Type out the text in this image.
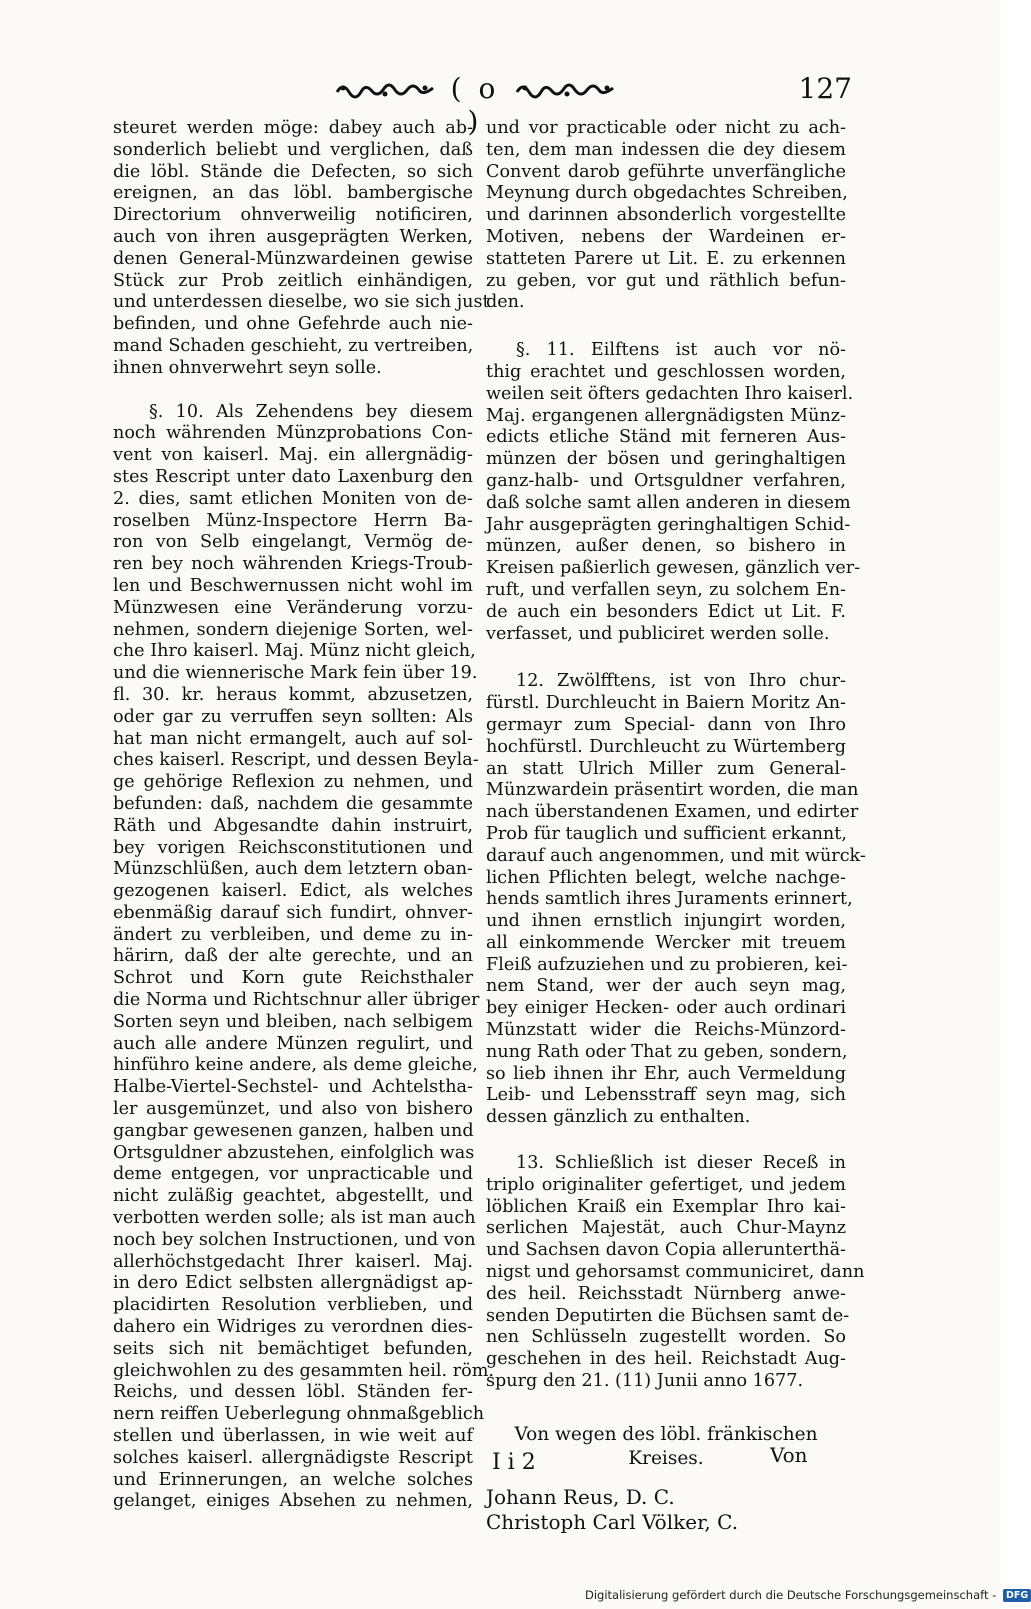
( o )
127
steuret werden möge: dabey auch ab-
sonderlich beliebt und verglichen, daß
die löbl. Stände die Defecten, so sich
ereignen, an das löbl. bambergische
Directorium ohnverweilig notificiren,
auch von ihren ausgeprägten Werken,
denen General-Münzwardeinen gewise
Stück zur Prob zeitlich einhändigen,
und unterdessen dieselbe, wo sie sich just
befinden, und ohne Gefehrde auch nie-
mand Schaden geschieht, zu vertreiben,
ihnen ohnverwehrt seyn solle.
§. 10. Als Zehendens bey diesem
noch währenden Münzprobations Con-
vent von kaiserl. Maj. ein allergnädig-
stes Rescript unter dato Laxenburg den
2. dies, samt etlichen Moniten von de-
roselben Münz-Inspectore Herrn Ba-
ron von Selb eingelangt, Vermög de-
ren bey noch währenden Kriegs-Troub-
len und Beschwernussen nicht wohl im
Münzwesen eine Veränderung vorzu-
nehmen, sondern diejenige Sorten, wel-
che Ihro kaiserl. Maj. Münz nicht gleich,
und die wiennerische Mark fein über 19.
fl. 30. kr. heraus kommt, abzusetzen,
oder gar zu verruffen seyn sollten: Als
hat man nicht ermangelt, auch auf sol-
ches kaiserl. Rescript, und dessen Beyla-
ge gehörige Reflexion zu nehmen, und
befunden: daß, nachdem die gesammte
Räth und Abgesandte dahin instruirt,
bey vorigen Reichsconstitutionen und
Münzschlüßen, auch dem letztern oban-
gezogenen kaiserl. Edict, als welches
ebenmäßig darauf sich fundirt, ohnver-
ändert zu verbleiben, und deme zu in-
härirn, daß der alte gerechte, und an
Schrot und Korn gute Reichsthaler
die Norma und Richtschnur aller übriger
Sorten seyn und bleiben, nach selbigem
auch alle andere Münzen regulirt, und
hinführo keine andere, als deme gleiche,
Halbe-Viertel-Sechstel- und Achtelstha-
ler ausgemünzet, und also von bishero
gangbar gewesenen ganzen, halben und
Ortsguldner abzustehen, einfolglich was
deme entgegen, vor unpracticable und
nicht zuläßig geachtet, abgestellt, und
verbotten werden solle; als ist man auch
noch bey solchen Instructionen, und von
allerhöchstgedacht Ihrer kaiserl. Maj.
in dero Edict selbsten allergnädigst ap-
placidirten Resolution verblieben, und
dahero ein Widriges zu verordnen dies-
seits sich nit bemächtiget befunden,
gleichwohlen zu des gesammten heil. röm.
Reichs, und dessen löbl. Ständen fer-
nern reiffen Ueberlegung ohnmaßgeblich
stellen und überlassen, in wie weit auf
solches kaiserl. allergnädigste Rescript
und Erinnerungen, an welche solches
gelanget, einiges Absehen zu nehmen,
und vor practicable oder nicht zu ach-
ten, dem man indessen die dey diesem
Convent darob geführte unverfängliche
Meynung durch obgedachtes Schreiben,
und darinnen absonderlich vorgestellte
Motiven, nebens der Wardeinen er-
statteten Parere ut Lit. E. zu erkennen
zu geben, vor gut und räthlich befun-
den.
§. 11. Eilftens ist auch vor nö-
thig erachtet und geschlossen worden,
weilen seit öfters gedachten Ihro kaiserl.
Maj. ergangenen allergnädigsten Münz-
edicts etliche Ständ mit ferneren Aus-
münzen der bösen und geringhaltigen
ganz-halb- und Ortsguldner verfahren,
daß solche samt allen anderen in diesem
Jahr ausgeprägten geringhaltigen Schid-
münzen, außer denen, so bishero in
Kreisen paßierlich gewesen, gänzlich ver-
ruft, und verfallen seyn, zu solchem En-
de auch ein besonders Edict ut Lit. F.
verfasset, und publiciret werden solle.
12. Zwölfftens, ist von Ihro chur-
fürstl. Durchleucht in Baiern Moritz An-
germayr zum Special- dann von Ihro
hochfürstl. Durchleucht zu Würtemberg
an statt Ulrich Miller zum General-
Münzwardein präsentirt worden, die man
nach überstandenen Examen, und edirter
Prob für tauglich und sufficient erkannt,
darauf auch angenommen, und mit würck-
lichen Pflichten belegt, welche nachge-
hends samtlich ihres Juraments erinnert,
und ihnen ernstlich injungirt worden,
all einkommende Wercker mit treuem
Fleiß aufzuziehen und zu probieren, kei-
nem Stand, wer der auch seyn mag,
bey einiger Hecken- oder auch ordinari
Münzstatt wider die Reichs-Münzord-
nung Rath oder That zu geben, sondern,
so lieb ihnen ihr Ehr, auch Vermeldung
Leib- und Lebensstraff seyn mag, sich
dessen gänzlich zu enthalten.
13. Schließlich ist dieser Receß in
triplo originaliter gefertiget, und jedem
löblichen Kraiß ein Exemplar Ihro kai-
serlichen Majestät, auch Chur-Maynz
und Sachsen davon Copia allerunterthä-
nigst und gehorsamst communiciret, dann
des heil. Reichsstadt Nürnberg anwe-
senden Deputirten die Büchsen samt de-
nen Schlüsseln zugestellt worden. So
geschehen in des heil. Reichstadt Aug-
spurg den 21. (11) Junii anno 1677.
Von wegen des löbl. fränkischen
Kreises.
Johann Reus, D. C.
Christoph Carl Völker, C.
I i 2	Von
Digitalisierung gefördert durch die Deutsche Forschungsgemeinschaft - DFG
